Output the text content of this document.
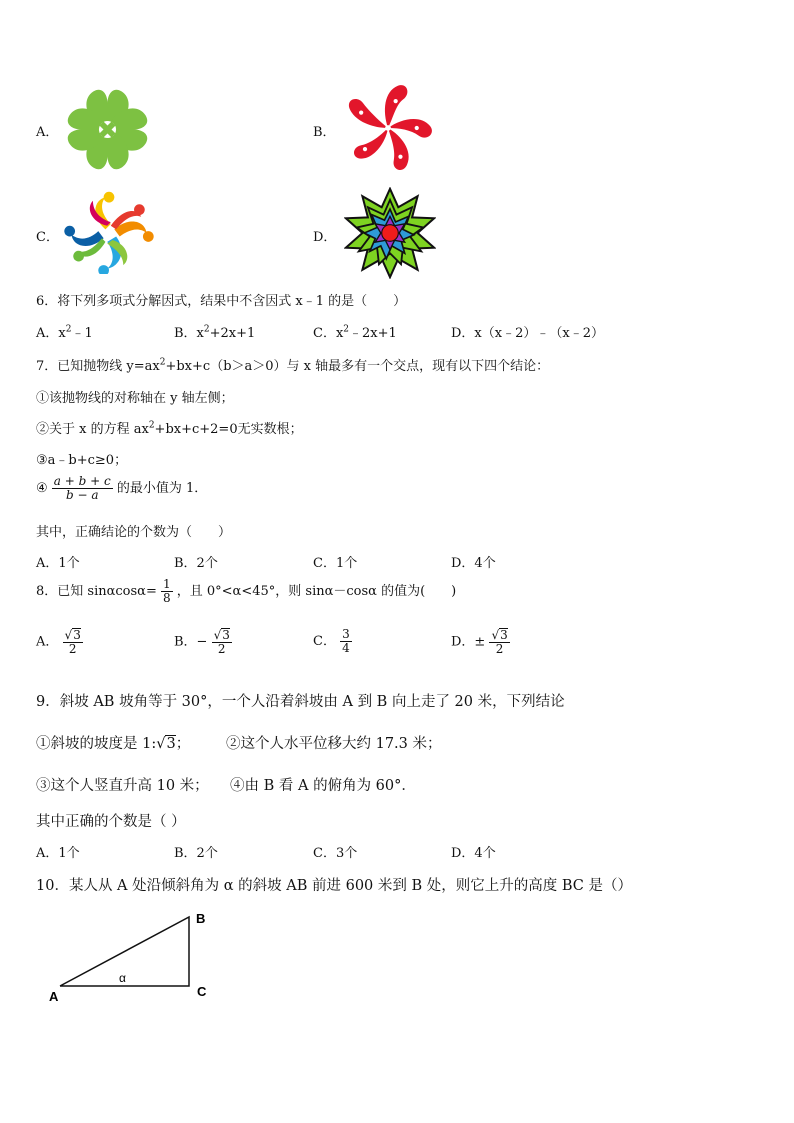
A．	B．
C．	D．
6．将下列多项式分解因式，结果中不含因式 x﹣1 的是（　　）
A．$x^2﹣1$	B．$x^2+2x+1$	C．$x^2﹣2x+1$	D．x（x﹣2）﹣（x﹣2）
7．已知抛物线 $y=ax^2+bx+c(b>a>0)$与 x 轴最多有一个交点，现有以下四个结论：
①该抛物线的对称轴在 y 轴左侧；
②关于 x 的方程 $ax^2+bx+c+2=0$无实数根；
③a﹣b+c≥0；
④ $\frac{a + b + c}{b - a}$ 的最小值为 1．
其中，正确结论的个数为（　　）
A．1个	B．2个	C．1个	D．4个
8．已知 $\sin\alpha\cos\alpha= \frac{1}{8}$ ，且 0°<α<45°，则 sinα－cosα 的值为(　　)
A． $\frac{√3}{2}$	B．− $\frac{√3}{2}$	C． $\frac{3}{4}$	D．± $\frac{√3}{2}$
9．斜坡 AB 坡角等于 30°，一个人沿着斜坡由 A 到 B 向上走了 20 米，下列结论
①斜坡的坡度是 1:√3； ②这个人水平位移大约 17.3 米；
③这个人竖直升高 10 米； ④由 B 看 A 的俯角为 60°．
其中正确的个数是（ ）
A．1个	B．2个	C．3个	D．4个
10．某人从 A 处沿倾斜角为 α 的斜坡 AB 前进 600 米到 B 处，则它上升的高度 BC 是（）
A
B
C
α
